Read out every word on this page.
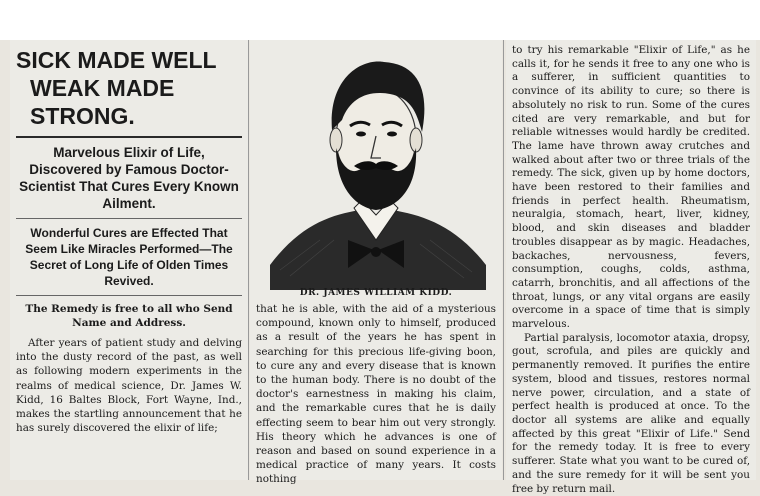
SICK MADE WELL
WEAK MADE STRONG.
Marvelous Elixir of Life, Discovered by Famous Doctor-Scientist That Cures Every Known Ailment.
Wonderful Cures are Effected That Seem Like Miracles Performed—The Secret of Long Life of Olden Times Revived.
The Remedy is free to all who Send Name and Address.
After years of patient study and delving into the dusty record of the past, as well as following modern experiments in the realms of medical science, Dr. James W. Kidd, 16 Baltes Block, Fort Wayne, Ind., makes the startling announcement that he has surely discovered the elixir of life;
DR. JAMES WILLIAM KIDD.
that he is able, with the aid of a mysterious compound, known only to himself, produced as a result of the years he has spent in searching for this precious life-giving boon, to cure any and every disease that is known to the human body. There is no doubt of the doctor's earnestness in making his claim, and the remarkable cures that he is daily effecting seem to bear him out very strongly. His theory which he advances is one of reason and based on sound experience in a medical practice of many years. It costs nothing
to try his remarkable "Elixir of Life," as he calls it, for he sends it free to any one who is a sufferer, in sufficient quantities to convince of its ability to cure; so there is absolutely no risk to run. Some of the cures cited are very remarkable, and but for reliable witnesses would hardly be credited. The lame have thrown away crutches and walked about after two or three trials of the remedy. The sick, given up by home doctors, have been restored to their families and friends in perfect health. Rheumatism, neuralgia, stomach, heart, liver, kidney, blood, and skin diseases and bladder troubles disappear as by magic. Headaches, backaches, nervousness, fevers, consumption, coughs, colds, asthma, catarrh, bronchitis, and all affections of the throat, lungs, or any vital organs are easily overcome in a space of time that is simply marvelous.
Partial paralysis, locomotor ataxia, dropsy, gout, scrofula, and piles are quickly and permanently removed. It purifies the entire system, blood and tissues, restores normal nerve power, circulation, and a state of perfect health is produced at once. To the doctor all systems are alike and equally affected by this great "Elixir of Life." Send for the remedy today. It is free to every sufferer. State what you want to be cured of, and the sure remedy for it will be sent you free by return mail.
